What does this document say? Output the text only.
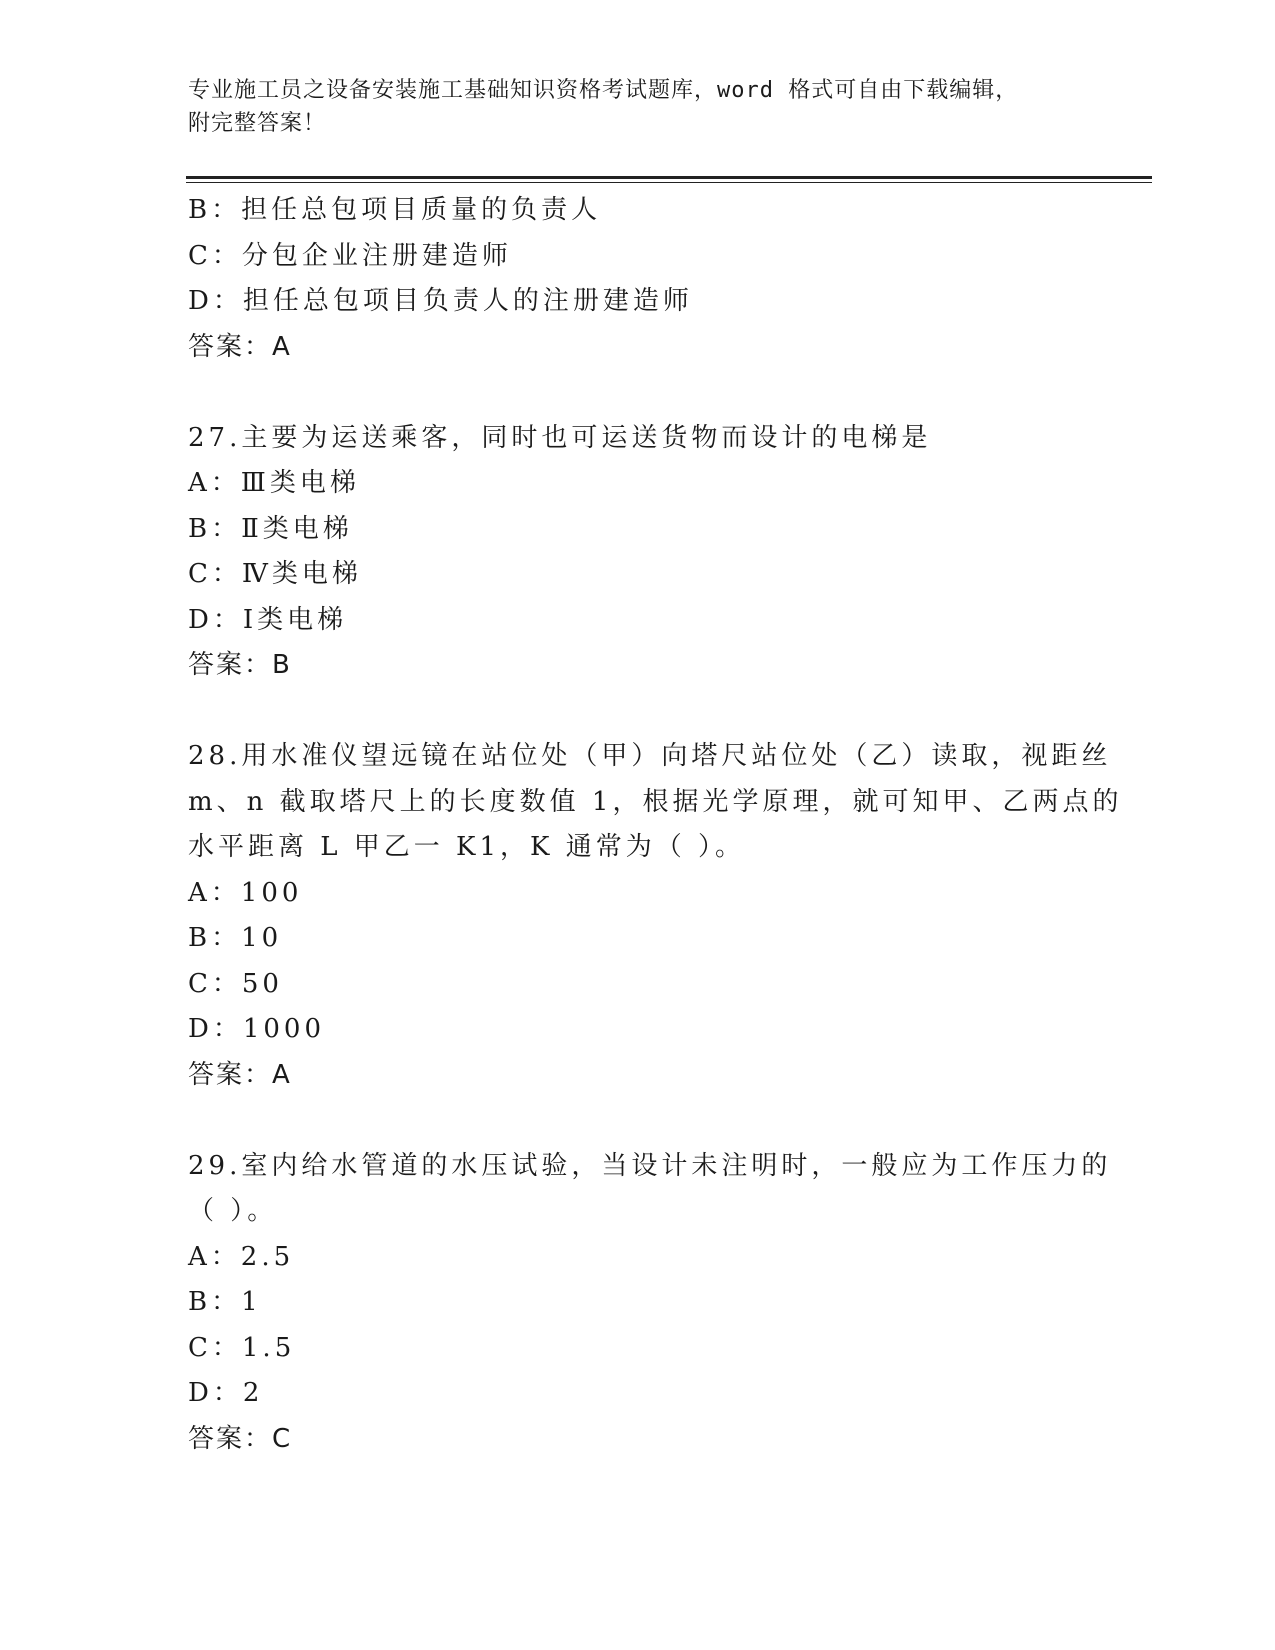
专业施工员之设备安装施工基础知识资格考试题库，word 格式可自由下载编辑，
附完整答案！
B：担任总包项目质量的负责人
C：分包企业注册建造师
D：担任总包项目负责人的注册建造师
答案：A
27.主要为运送乘客，同时也可运送货物而设计的电梯是
A：Ⅲ类电梯
B：Ⅱ类电梯
C：Ⅳ类电梯
D：Ⅰ类电梯
答案：B
28.用水准仪望远镜在站位处（甲）向塔尺站位处（乙）读取，视距丝
m、n 截取塔尺上的长度数值 1，根据光学原理，就可知甲、乙两点的
水平距离 L 甲乙一 K1，K 通常为（ ）。
A：100
B：10
C：50
D：1000
答案：A
29.室内给水管道的水压试验，当设计未注明时，一般应为工作压力的
（ ）。
A：2.5
B：1
C：1.5
D：2
答案：C
